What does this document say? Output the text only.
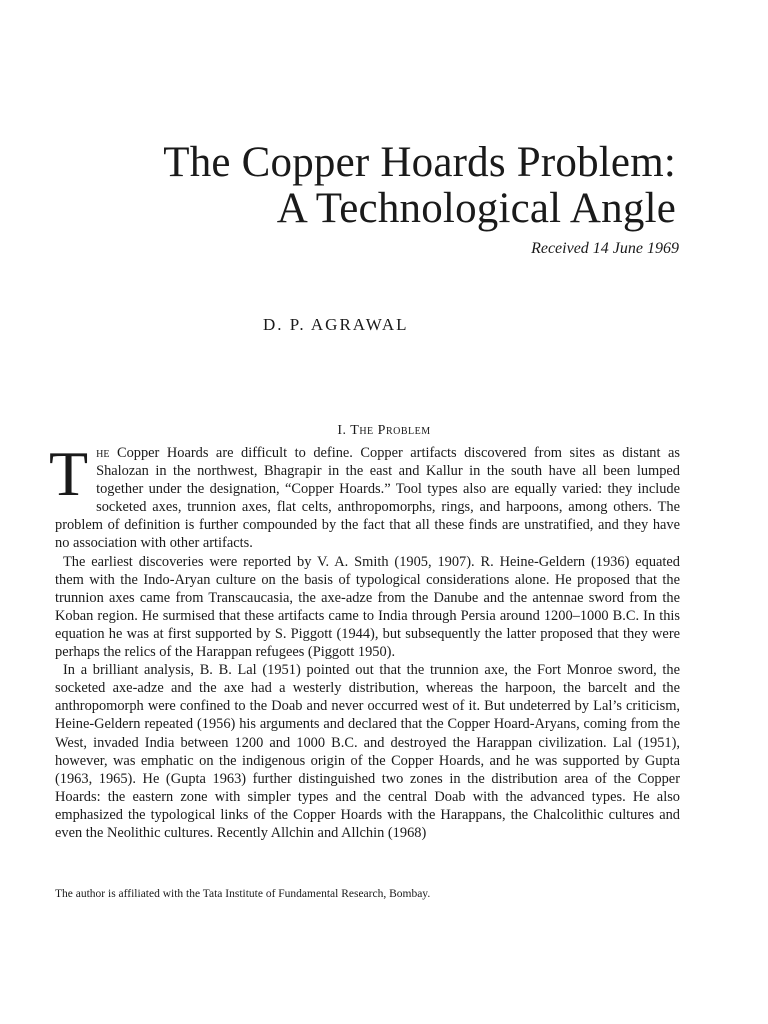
The Copper Hoards Problem:
A Technological Angle
Received 14 June 1969
D. P. AGRAWAL
I. The Problem

The Copper Hoards are difficult to define. Copper artifacts discovered from sites as distant as Shalozan in the northwest, Bhagrapir in the east and Kallur in the south have all been lumped together under the designation, “Copper Hoards.” Tool types also are equally varied: they include socketed axes, trunnion axes, flat celts, anthropomorphs, rings, and harpoons, among others. The problem of definition is further compounded by the fact that all these finds are unstratified, and they have no association with other artifacts.

The earliest discoveries were reported by V. A. Smith (1905, 1907). R. Heine-Geldern (1936) equated them with the Indo-Aryan culture on the basis of typological considerations alone. He proposed that the trunnion axes came from Transcaucasia, the axe-adze from the Danube and the antennae sword from the Koban region. He surmised that these artifacts came to India through Persia around 1200–1000 B.C. In this equation he was at first supported by S. Piggott (1944), but subsequently the latter proposed that they were perhaps the relics of the Harappan refugees (Piggott 1950).

In a brilliant analysis, B. B. Lal (1951) pointed out that the trunnion axe, the Fort Monroe sword, the socketed axe-adze and the axe had a westerly distribution, whereas the harpoon, the barcelt and the anthropomorph were confined to the Doab and never occurred west of it. But undeterred by Lal’s criticism, Heine-Geldern repeated (1956) his arguments and declared that the Copper Hoard-Aryans, coming from the West, invaded India between 1200 and 1000 B.C. and destroyed the Harappan civilization. Lal (1951), however, was emphatic on the indigenous origin of the Copper Hoards, and he was supported by Gupta (1963, 1965). He (Gupta 1963) further distinguished two zones in the distribution area of the Copper Hoards: the eastern zone with simpler types and the central Doab with the advanced types. He also emphasized the typological links of the Copper Hoards with the Harappans, the Chalcolithic cultures and even the Neolithic cultures. Recently Allchin and Allchin (1968)

The author is affiliated with the Tata Institute of Fundamental Research, Bombay.
